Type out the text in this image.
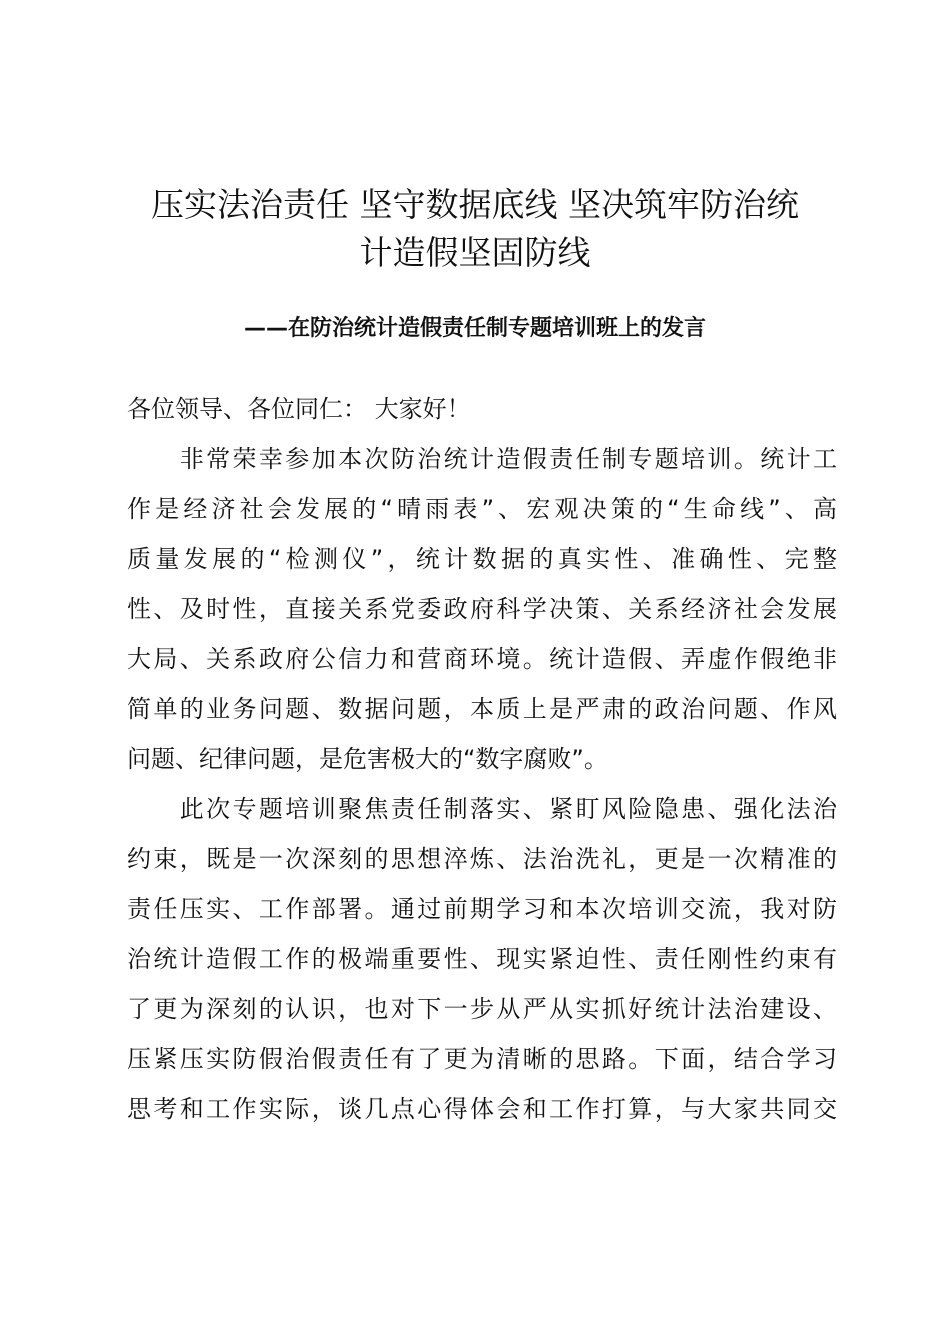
压实法治责任 坚守数据底线 坚决筑牢防治统
计造假坚固防线
——在防治统计造假责任制专题培训班上的发言
各位领导、各位同仁： 大家好！
　　非常荣幸参加本次防治统计造假责任制专题培训。统计工
作是经济社会发展的“晴雨表”、宏观决策的“生命线”、高
质量发展的“检测仪”，统计数据的真实性、准确性、完整
性、及时性，直接关系党委政府科学决策、关系经济社会发展
大局、关系政府公信力和营商环境。统计造假、弄虚作假绝非
简单的业务问题、数据问题，本质上是严肃的政治问题、作风
问题、纪律问题，是危害极大的“数字腐败”。
　　此次专题培训聚焦责任制落实、紧盯风险隐患、强化法治
约束，既是一次深刻的思想淬炼、法治洗礼，更是一次精准的
责任压实、工作部署。通过前期学习和本次培训交流，我对防
治统计造假工作的极端重要性、现实紧迫性、责任刚性约束有
了更为深刻的认识，也对下一步从严从实抓好统计法治建设、
压紧压实防假治假责任有了更为清晰的思路。下面，结合学习
思考和工作实际，谈几点心得体会和工作打算，与大家共同交
